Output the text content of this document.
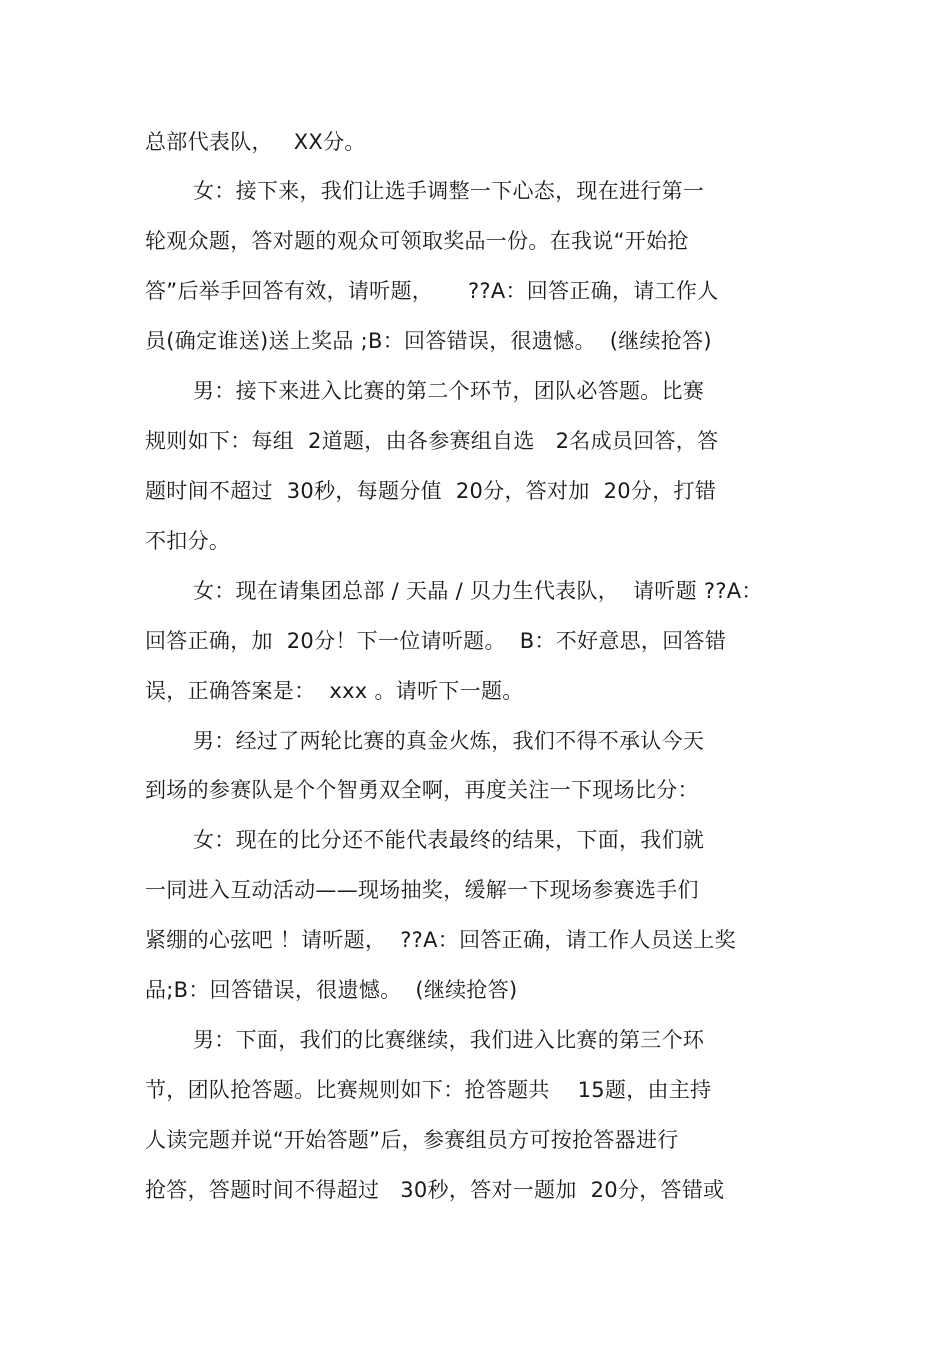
总部代表队，   XX分。
女：接下来，我们让选手调整一下心态，现在进行第一
轮观众题，答对题的观众可领取奖品一份。在我说“开始抢
答”后举手回答有效，请听题，     ??A：回答正确，请工作人
员(确定谁送)送上奖品 ;B：回答错误，很遗憾。  (继续抢答)
男：接下来进入比赛的第二个环节，团队必答题。比赛
规则如下：每组  2道题，由各参赛组自选   2名成员回答，答
题时间不超过  30秒，每题分值  20分，答对加  20分，打错
不扣分。
女：现在请集团总部 / 天晶 / 贝力生代表队，  请听题 ??A：
回答正确，加  20分！下一位请听题。  B：不好意思，回答错
误，正确答案是：  xxx 。请听下一题。
男：经过了两轮比赛的真金火炼，我们不得不承认今天
到场的参赛队是个个智勇双全啊，再度关注一下现场比分：
女：现在的比分还不能代表最终的结果，下面，我们就
一同进入互动活动——现场抽奖，缓解一下现场参赛选手们
紧绷的心弦吧 ！请听题，  ??A：回答正确，请工作人员送上奖
品;B：回答错误，很遗憾。  (继续抢答)
男：下面，我们的比赛继续，我们进入比赛的第三个环
节，团队抢答题。比赛规则如下：抢答题共    15题，由主持
人读完题并说“开始答题”后，参赛组员方可按抢答器进行
抢答，答题时间不得超过   30秒，答对一题加  20分，答错或
